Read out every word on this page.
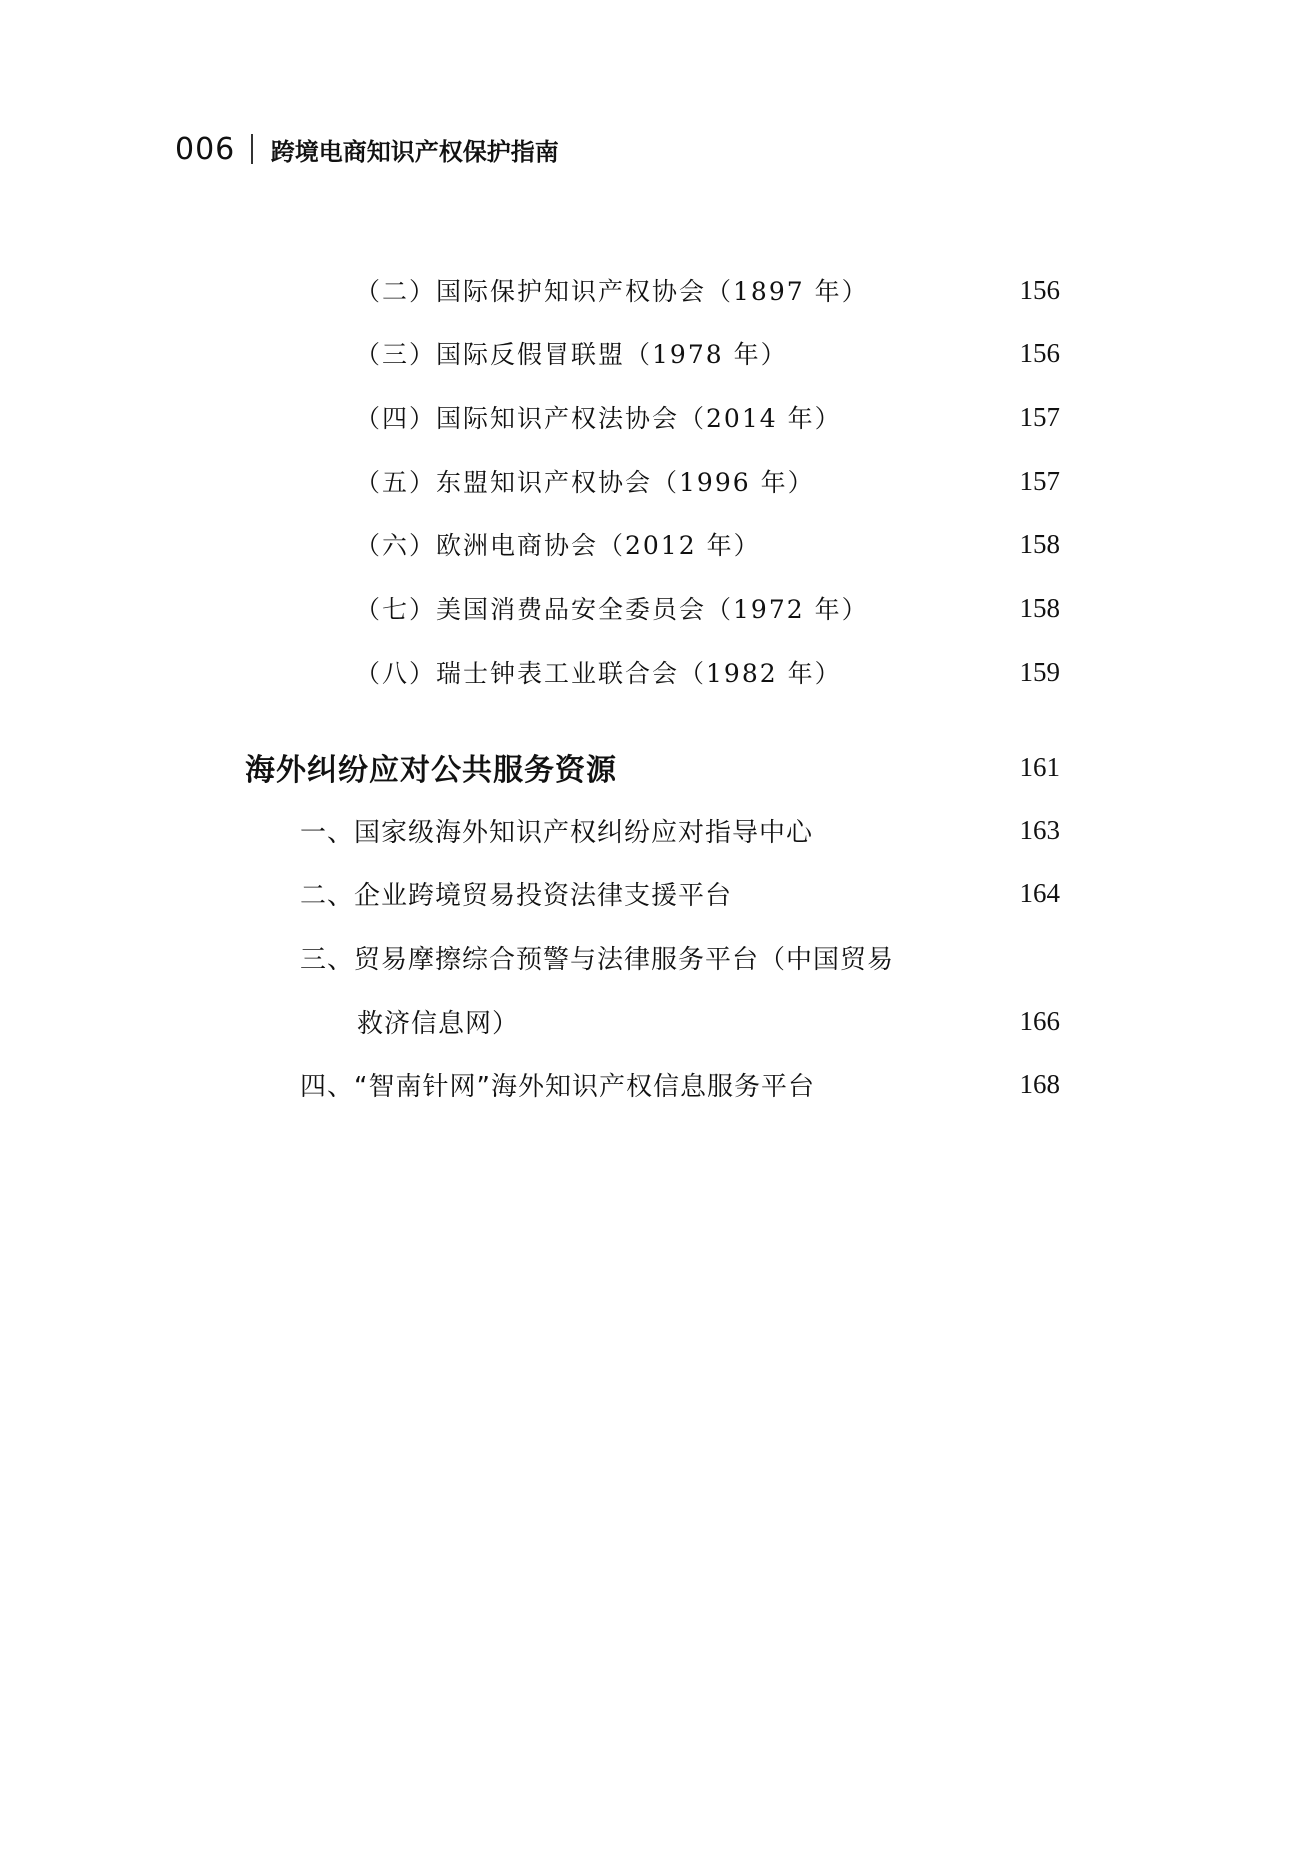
006 跨境电商知识产权保护指南
（二）国际保护知识产权协会（1897 年）	156
（三）国际反假冒联盟（1978 年）	156
（四）国际知识产权法协会（2014 年）	157
（五）东盟知识产权协会（1996 年）	157
（六）欧洲电商协会（2012 年）	158
（七）美国消费品安全委员会（1972 年）	158
（八）瑞士钟表工业联合会（1982 年）	159
海外纠纷应对公共服务资源	161
一、国家级海外知识产权纠纷应对指导中心	163
二、企业跨境贸易投资法律支援平台	164
三、贸易摩擦综合预警与法律服务平台（中国贸易
救济信息网）	166
四、“智南针网”海外知识产权信息服务平台	168
